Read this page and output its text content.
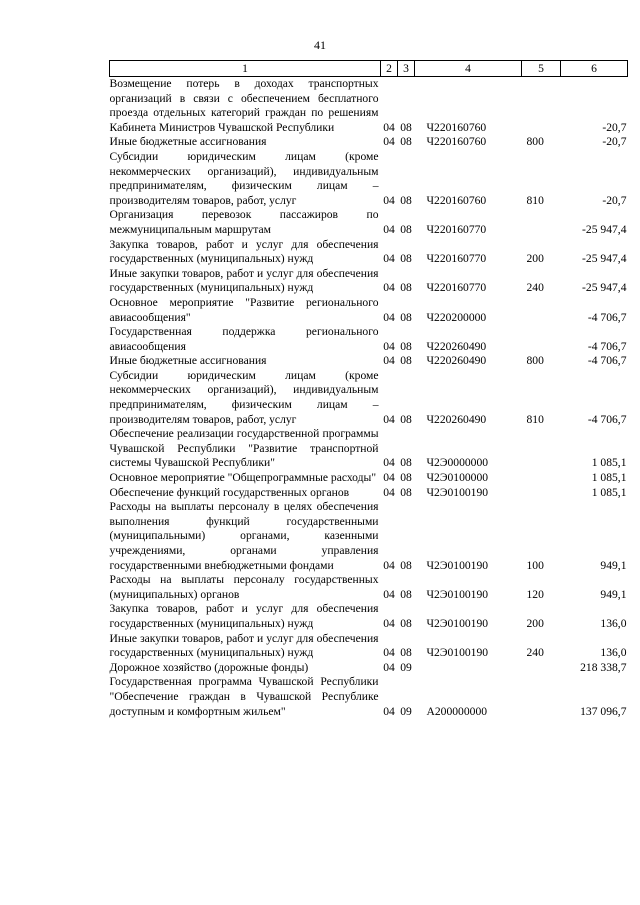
41
1	2	3	4	5	6
Возмещение потерь в доходах транспортных организаций в связи с обеспечением бесплатного проезда отдельных категорий граждан по решениям Кабинета Министров Чувашской Республики	04	08	Ч220160760		-20,7
Иные бюджетные ассигнования	04	08	Ч220160760	800	-20,7
Субсидии юридическим лицам (кроме некоммерческих организаций), индивидуальным предпринимателям, физическим лицам – производителям товаров, работ, услуг	04	08	Ч220160760	810	-20,7
Организация перевозок пассажиров по межмуниципальным маршрутам	04	08	Ч220160770		-25 947,4
Закупка товаров, работ и услуг для обеспечения государственных (муниципальных) нужд	04	08	Ч220160770	200	-25 947,4
Иные закупки товаров, работ и услуг для обеспечения государственных (муниципальных) нужд	04	08	Ч220160770	240	-25 947,4
Основное мероприятие "Развитие регионального авиасообщения"	04	08	Ч220200000		-4 706,7
Государственная поддержка регионального авиасообщения	04	08	Ч220260490		-4 706,7
Иные бюджетные ассигнования	04	08	Ч220260490	800	-4 706,7
Субсидии юридическим лицам (кроме некоммерческих организаций), индивидуальным предпринимателям, физическим лицам – производителям товаров, работ, услуг	04	08	Ч220260490	810	-4 706,7
Обеспечение реализации государственной программы Чувашской Республики "Развитие транспортной системы Чувашской Республики"	04	08	Ч2Э0000000		1 085,1
Основное мероприятие "Общепрограммные расходы"	04	08	Ч2Э0100000		1 085,1
Обеспечение функций государственных органов	04	08	Ч2Э0100190		1 085,1
Расходы на выплаты персоналу в целях обеспечения выполнения функций государственными (муниципальными) органами, казенными учреждениями, органами управления государственными внебюджетными фондами	04	08	Ч2Э0100190	100	949,1
Расходы на выплаты персоналу государственных (муниципальных) органов	04	08	Ч2Э0100190	120	949,1
Закупка товаров, работ и услуг для обеспечения государственных (муниципальных) нужд	04	08	Ч2Э0100190	200	136,0
Иные закупки товаров, работ и услуг для обеспечения государственных (муниципальных) нужд	04	08	Ч2Э0100190	240	136,0
Дорожное хозяйство (дорожные фонды)	04	09			218 338,7
Государственная программа Чувашской Республики "Обеспечение граждан в Чувашской Республике доступным и комфортным жильем"	04	09	А200000000		137 096,7
